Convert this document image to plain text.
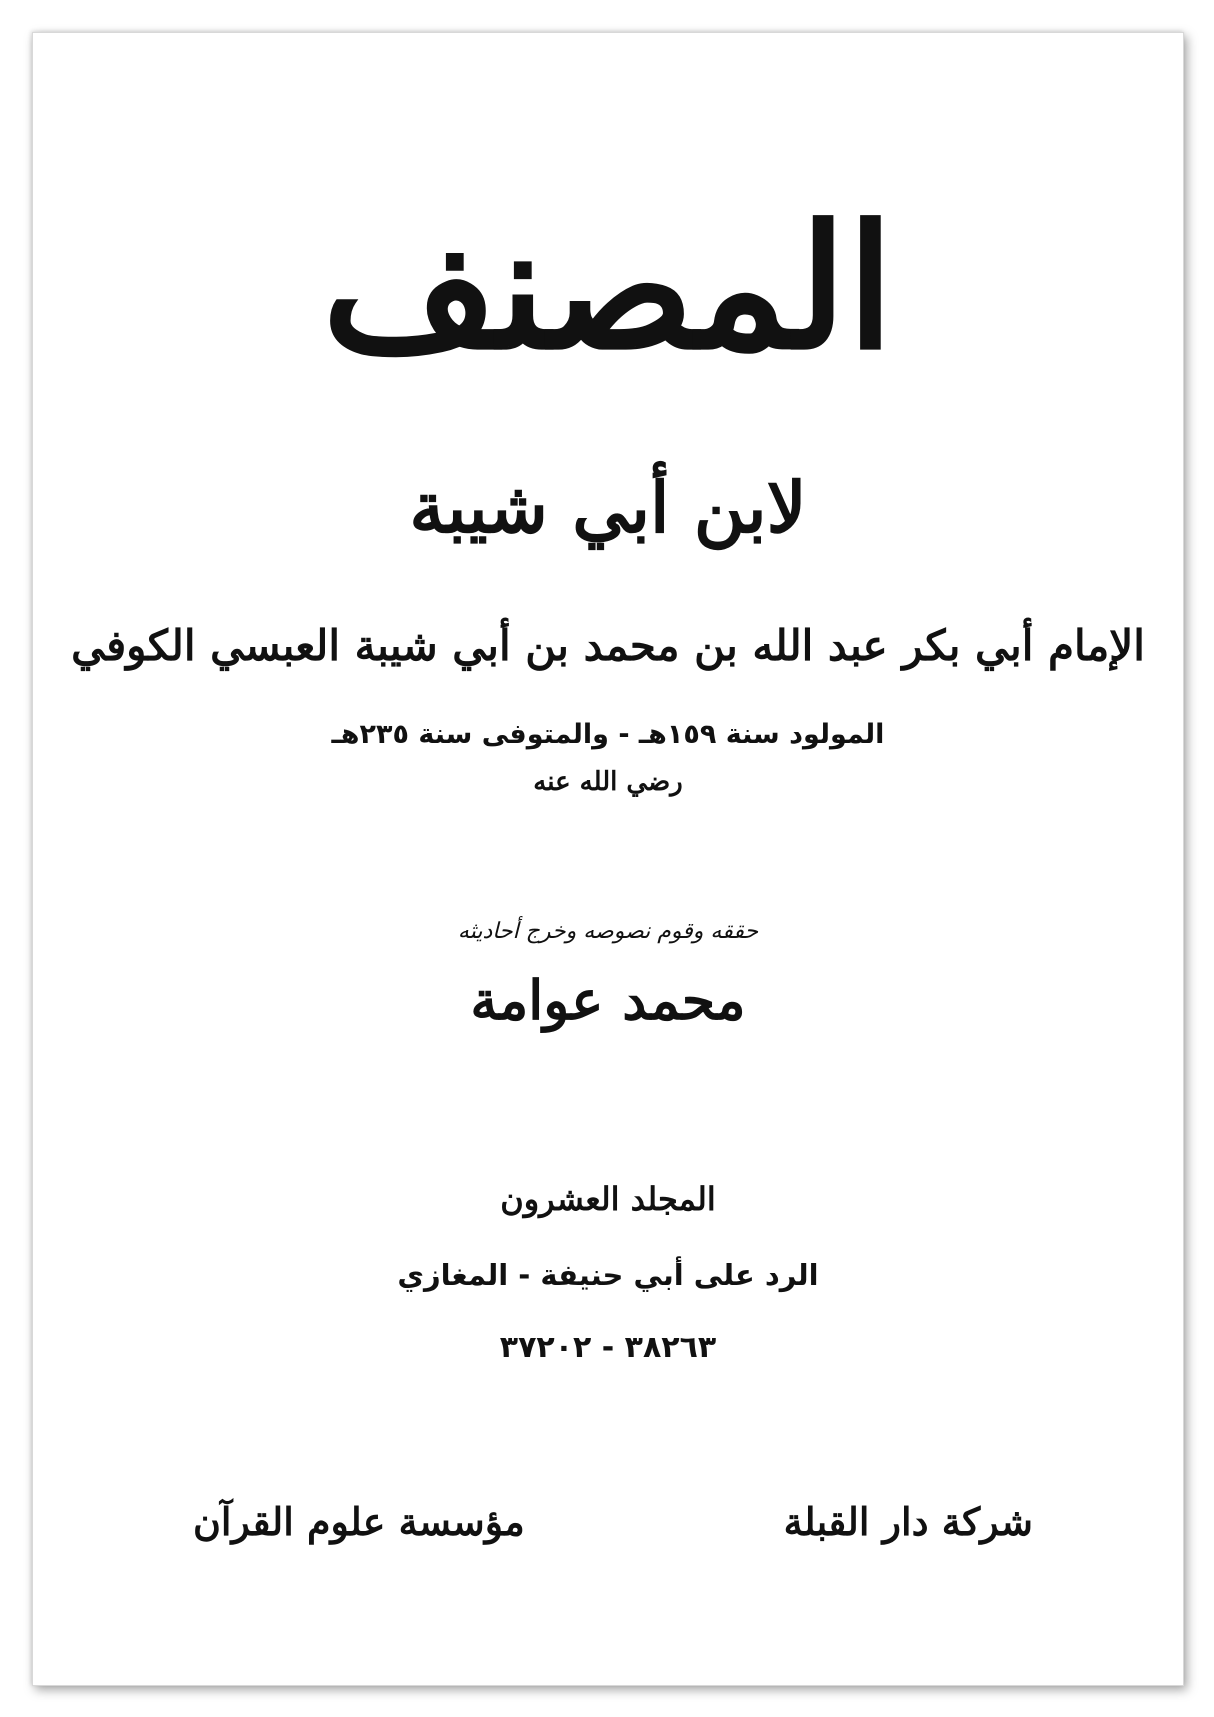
المصنف
لابن أبي شيبة
الإمام أبي بكر عبد الله بن محمد بن أبي شيبة العبسي الكوفي
المولود سنة ١٥٩هـ - والمتوفى سنة ٢٣٥هـ
رضي الله عنه
حققه وقوم نصوصه وخرج أحاديثه
محمد عوامة
المجلد العشرون
الرد على أبي حنيفة - المغازي
٣٨٢٦٣ - ٣٧٢٠٢
شركة دار القبلة
مؤسسة علوم القرآن
